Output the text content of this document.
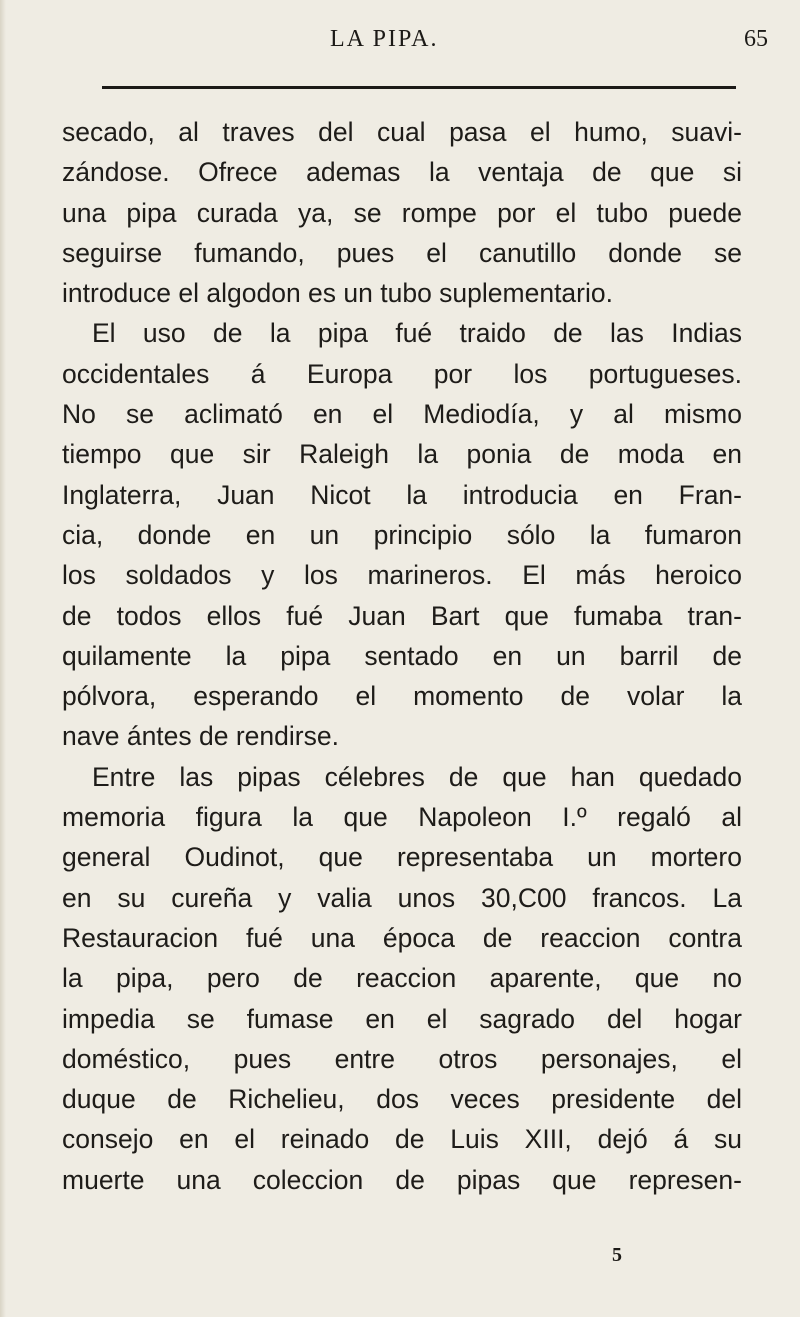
LA PIPA.	65
secado, al traves del cual pasa el humo, suavi-
zándose. Ofrece ademas la ventaja de que si
una pipa curada ya, se rompe por el tubo puede
seguirse fumando, pues el canutillo donde se
introduce el algodon es un tubo suplementario.
El uso de la pipa fué traido de las Indias
occidentales á Europa por los portugueses.
No se aclimató en el Mediodía, y al mismo
tiempo que sir Raleigh la ponia de moda en
Inglaterra, Juan Nicot la introducia en Fran-
cia, donde en un principio sólo la fumaron
los soldados y los marineros. El más heroico
de todos ellos fué Juan Bart que fumaba tran-
quilamente la pipa sentado en un barril de
pólvora, esperando el momento de volar la
nave ántes de rendirse.
Entre las pipas célebres de que han quedado
memoria figura la que Napoleon I.º regaló al
general Oudinot, que representaba un mortero
en su cureña y valia unos 30,C00 francos. La
Restauracion fué una época de reaccion contra
la pipa, pero de reaccion aparente, que no
impedia se fumase en el sagrado del hogar
doméstico, pues entre otros personajes, el
duque de Richelieu, dos veces presidente del
consejo en el reinado de Luis XIII, dejó á su
muerte una coleccion de pipas que represen-
5
